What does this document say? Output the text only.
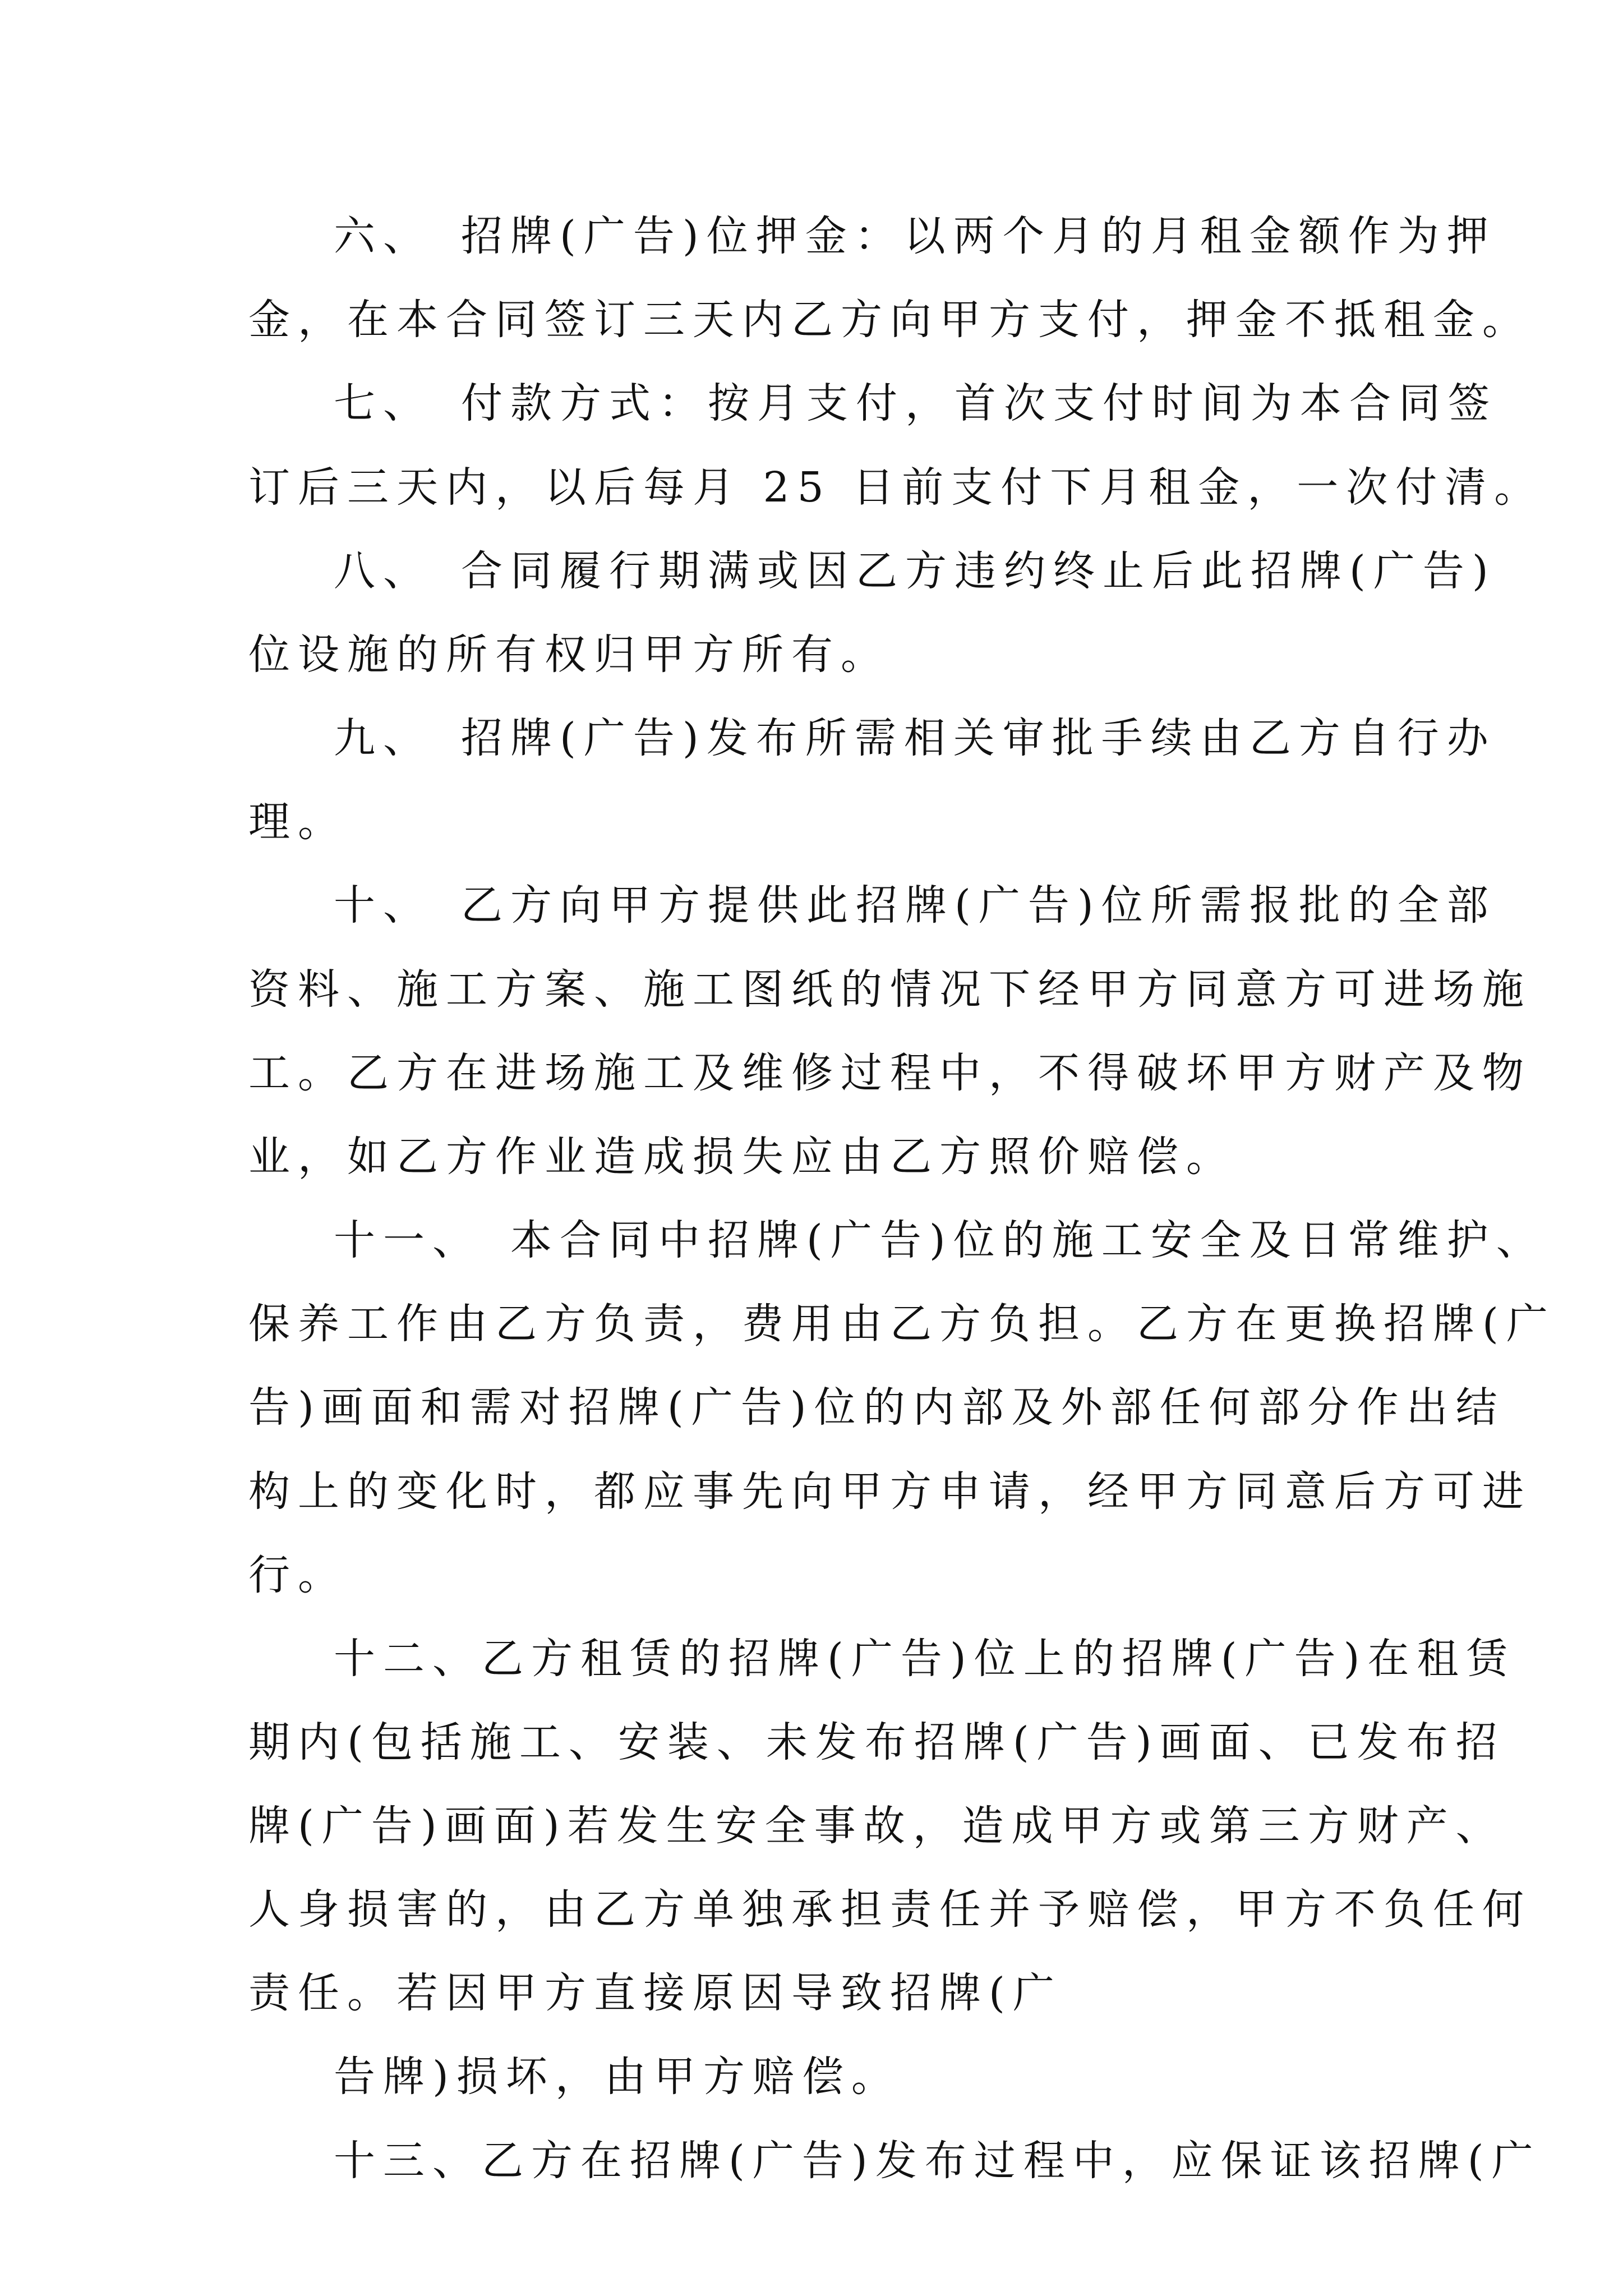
六、　招牌(广告)位押金：以两个月的月租金额作为押
金，在本合同签订三天内乙方向甲方支付，押金不抵租金。
七、　付款方式：按月支付，首次支付时间为本合同签
订后三天内，以后每月 25 日前支付下月租金，一次付清。
八、　合同履行期满或因乙方违约终止后此招牌(广告)
位设施的所有权归甲方所有。
九、　招牌(广告)发布所需相关审批手续由乙方自行办
理。
十、　乙方向甲方提供此招牌(广告)位所需报批的全部
资料、施工方案、施工图纸的情况下经甲方同意方可进场施
工。乙方在进场施工及维修过程中，不得破坏甲方财产及物
业，如乙方作业造成损失应由乙方照价赔偿。
十一、　本合同中招牌(广告)位的施工安全及日常维护、
保养工作由乙方负责，费用由乙方负担。乙方在更换招牌(广
告)画面和需对招牌(广告)位的内部及外部任何部分作出结
构上的变化时，都应事先向甲方申请，经甲方同意后方可进
行。
十二、乙方租赁的招牌(广告)位上的招牌(广告)在租赁
期内(包括施工、安装、未发布招牌(广告)画面、已发布招
牌(广告)画面)若发生安全事故，造成甲方或第三方财产、
人身损害的，由乙方单独承担责任并予赔偿，甲方不负任何
责任。若因甲方直接原因导致招牌(广
告牌)损坏，由甲方赔偿。
十三、乙方在招牌(广告)发布过程中，应保证该招牌(广
